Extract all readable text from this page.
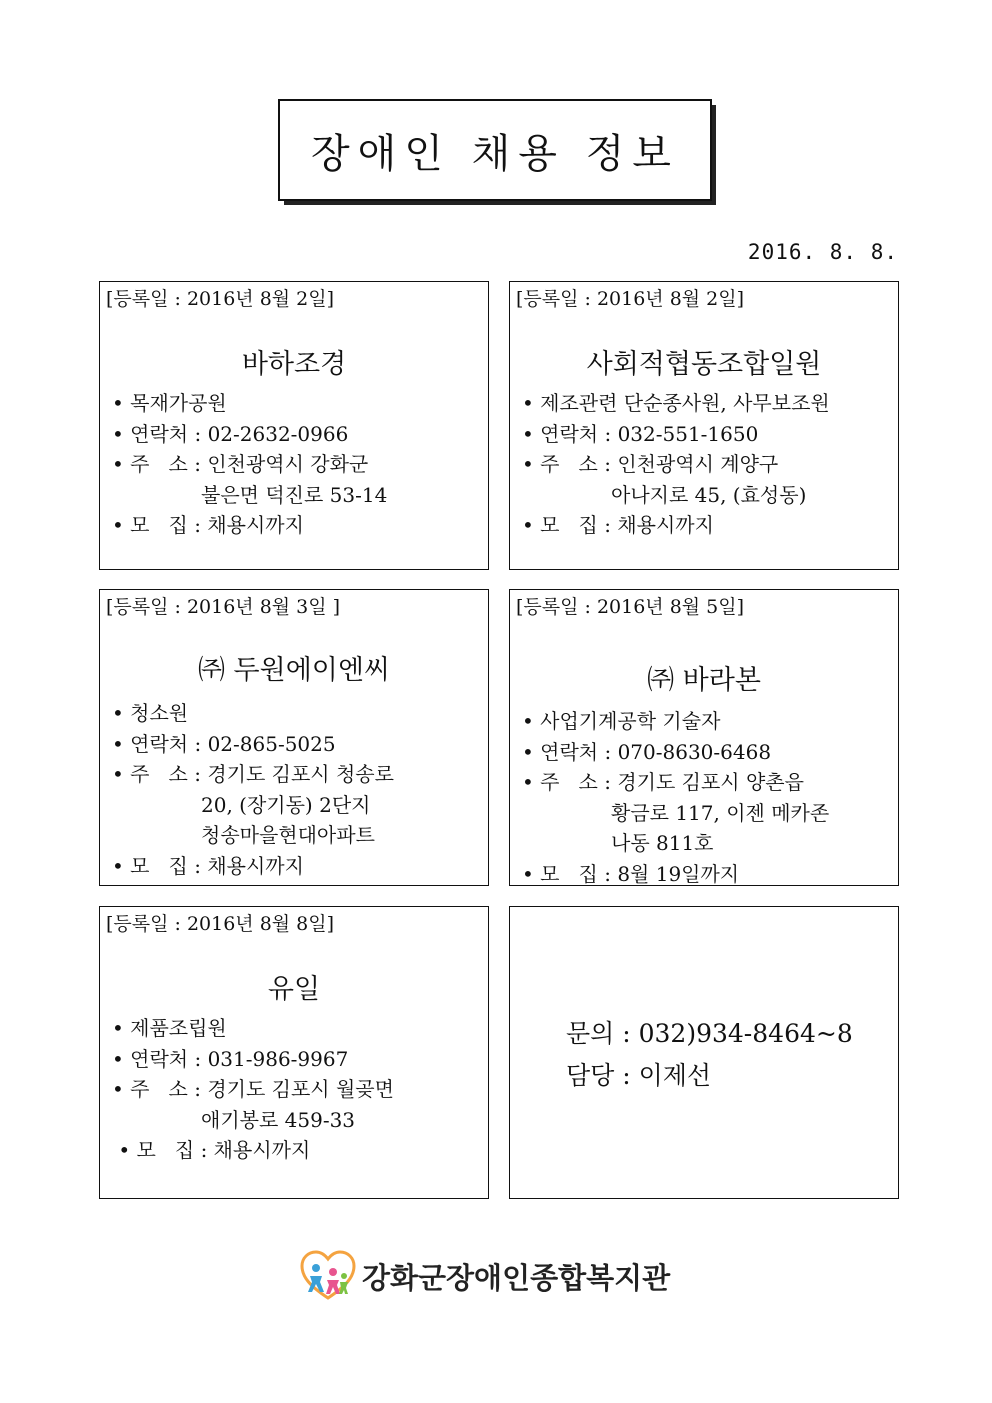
장애인 채용 정보
2016. 8. 8.
[등록일 : 2016년 8월 2일]
바하조경
• 목재가공원
• 연락처 : 02-2632-0966
• 주   소 : 인천광역시 강화군
불은면 덕진로 53-14
• 모   집 : 채용시까지
[등록일 : 2016년 8월 2일]
사회적협동조합일원
• 제조관련 단순종사원, 사무보조원
• 연락처 : 032-551-1650
• 주   소 : 인천광역시 계양구
아나지로 45, (효성동)
• 모   집 : 채용시까지
[등록일 : 2016년 8월 3일 ]
㈜ 두원에이엔씨
• 청소원
• 연락처 : 02-865-5025
• 주   소 : 경기도 김포시 청송로
20, (장기동) 2단지
청송마을현대아파트
• 모   집 : 채용시까지
[등록일 : 2016년 8월 5일]
㈜ 바라본
• 사업기계공학 기술자
• 연락처 : 070-8630-6468
• 주   소 : 경기도 김포시 양촌읍
황금로 117, 이젠 메카존
나동 811호
• 모   집 : 8월 19일까지
[등록일 : 2016년 8월 8일]
유일
• 제품조립원
• 연락처 : 031-986-9967
• 주   소 : 경기도 김포시 월곶면
애기봉로 459-33
• 모   집 : 채용시까지
문의 : 032)934-8464~8
담당 : 이제선
강화군장애인종합복지관
